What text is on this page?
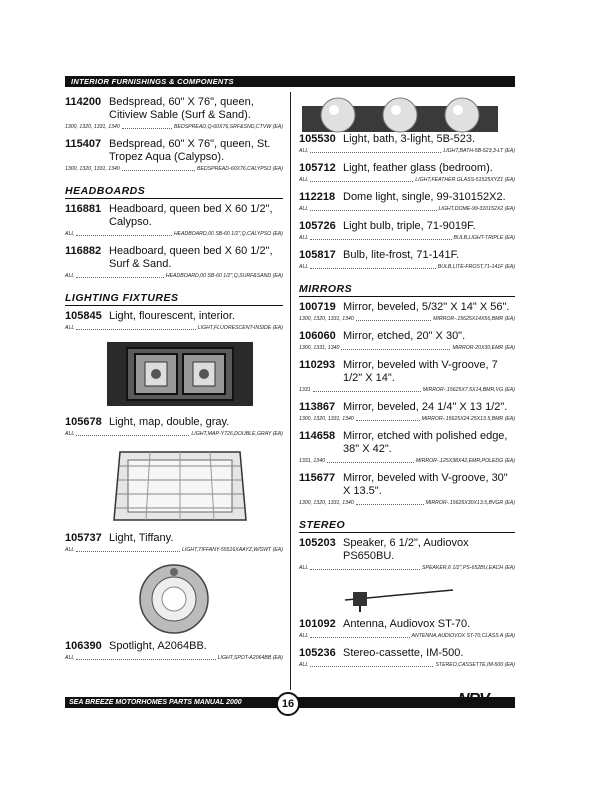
INTERIOR FURNISHINGS & COMPONENTS
114200 Bedspread, 60" X 76", queen, Citiview Sable (Surf & Sand).
1300, 1320, 1331, 1340	BEDSPREAD,Q-60X76,SRF&SND,CTVW (EA)
115407 Bedspread, 60" X 76", queen, St. Tropez Aqua (Calypso).
1300, 1320, 1331, 1340	BEDSPREAD-60X76,CALYPSO (EA)
HEADBOARDS
116881 Headboard, queen bed X 60 1/2", Calypso.
ALL	HEADBOARD,00 SB-60 1/2",Q,CALYPSO (EA)
116882 Headboard, queen bed X 60 1/2", Surf & Sand.
ALL	HEADBOARD,00 SB-60 1/2",Q,SURF&SAND (EA)
LIGHTING FIXTURES
105845 Light, flourescent, interior.
ALL	LIGHT,FLUORESCENT-INSIDE (EA)
105678 Light, map, double, gray.
ALL	LIGHT,MAP-Y726,DOUBLE,GRAY (EA)
105737 Light, Tiffany.
ALL	LIGHT,TIFFANY-55516XAAYZ,W/SWT (EA)
106390 Spotlight, A2064BB.
ALL	LIGHT,SPOT-A2064BB (EA)
105530 Light, bath, 3-light, 5B-523.
ALL	LIGHT,BATH-5B-523,3-LT (EA)
105712 Light, feather glass (bedroom).
ALL	LIGHT,FEATHER GLASS-51525XYZ1 (EA)
112218 Dome light, single, 99-310152X2.
ALL	LIGHT,DOME-99-310152X2 (EA)
105726 Light bulb, triple, 71-9019F.
ALL	BULB,LIGHT-TRIPLE (EA)
105817 Bulb, lite-frost, 71-141F.
ALL	BULB,LITE-FROST,71-141F (EA)
MIRRORS
100719 Mirror, beveled, 5/32" X 14" X 56".
1300, 1320, 1331, 1340	MIRROR-.15625X14X56,BMR (EA)
106060 Mirror, etched, 20" X 30".
1300, 1331, 1340	MIRROR-20X30,EMR (EA)
110293 Mirror, beveled with V-groove, 7 1/2" X 14".
1331	MIRROR-.15625X7.5X14,BMR,VG (EA)
113867 Mirror, beveled, 24 1/4" X 13 1/2".
1300, 1320, 1331, 1340	MIRROR-.15625X24.25X13.5,BMR (EA)
114658 Mirror, etched with polished edge, 38" X 42".
1331, 1340	MIRROR-.125X38X42,EMR,POLEDG (EA)
115677 Mirror, beveled with V-groove, 30" X 13.5".
1300, 1320, 1331, 1340	MIRROR-.15625X30X13.5,BVGR (EA)
STEREO
105203 Speaker, 6 1/2", Audiovox PS650BU.
ALL	SPEAKER,6 1/2",PS-652BU,EACH (EA)
101092 Antenna, Audiovox ST-70.
ALL	ANTENNA,AUDIOVOX ST-70,CLASS A (EA)
105236 Stereo-cassette, IM-500.
ALL	STEREO,CASSETTE,IM-500 (EA)
SEA BREEZE MOTORHOMES PARTS MANUAL 2000	16	NRV
